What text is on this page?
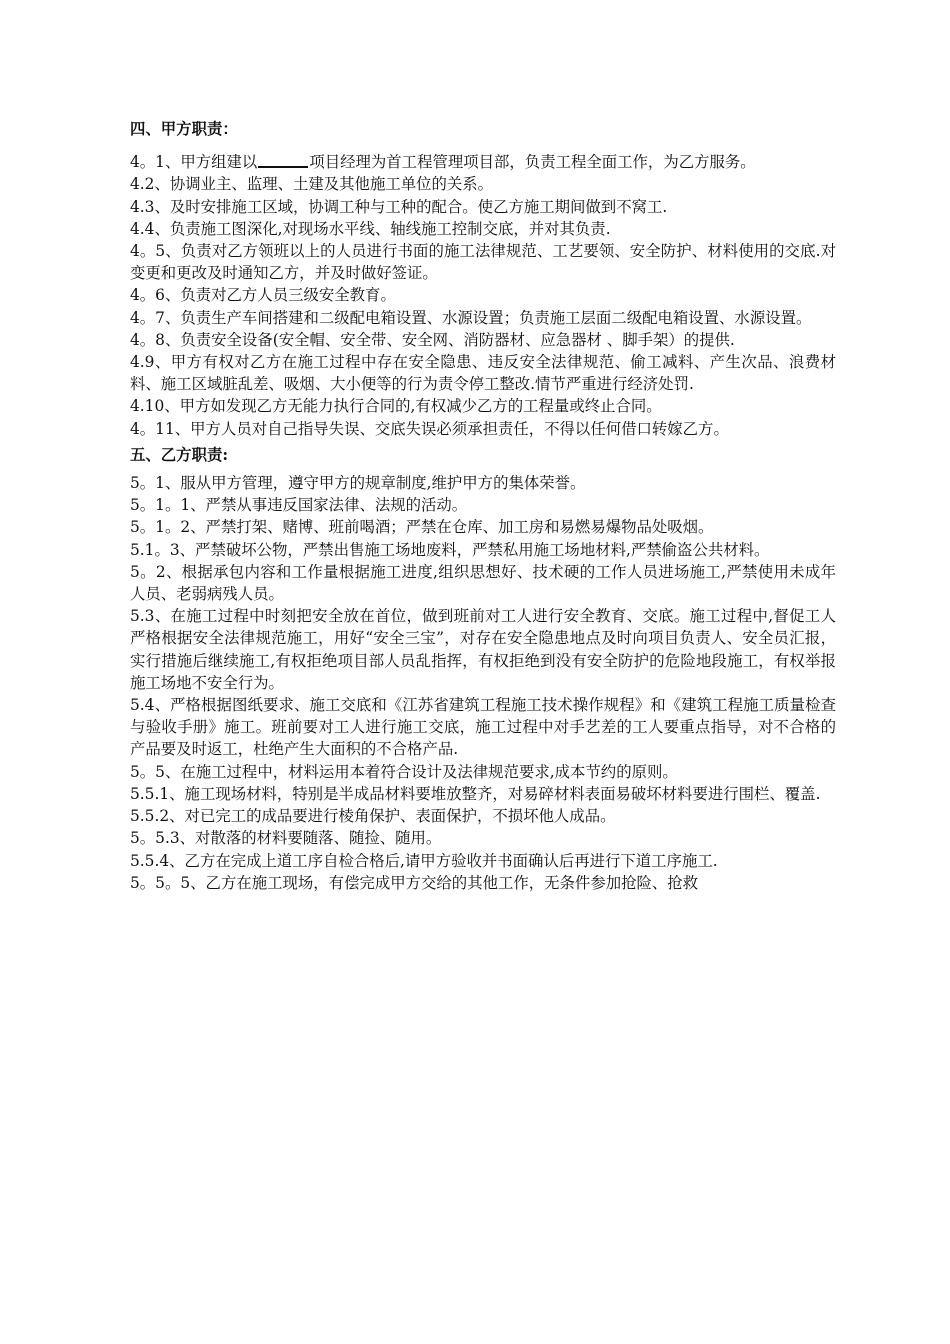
四、甲方职责：

4。1、甲方组建以	项目经理为首工程管理项目部，负责工程全面工作，为乙方服务。

4.2、协调业主、监理、土建及其他施工单位的关系。

4.3、及时安排施工区域，协调工种与工种的配合。使乙方施工期间做到不窝工.

4.4、负责施工图深化,对现场水平线、轴线施工控制交底，并对其负责.

4。5、负责对乙方领班以上的人员进行书面的施工法律规范、工艺要领、安全防护、材料使用的交底.对变更和更改及时通知乙方，并及时做好签证。

4。6、负责对乙方人员三级安全教育。

4。7、负责生产车间搭建和二级配电箱设置、水源设置；负责施工层面二级配电箱设置、水源设置。

4。8、负责安全设备(安全帽、安全带、安全网、消防器材、应急器材 、脚手架）的提供.

4.9、甲方有权对乙方在施工过程中存在安全隐患、违反安全法律规范、偷工减料、产生次品、浪费材料、施工区域脏乱差、吸烟、大小便等的行为责令停工整改.情节严重进行经济处罚.

4.10、甲方如发现乙方无能力执行合同的,有权减少乙方的工程量或终止合同。

4。11、甲方人员对自己指导失误、交底失误必须承担责任，不得以任何借口转嫁乙方。

五、乙方职责:

5。1、服从甲方管理，遵守甲方的规章制度,维护甲方的集体荣誉。

5。1。1、严禁从事违反国家法律、法规的活动。

5。1。2、严禁打架、赌博、班前喝酒；严禁在仓库、加工房和易燃易爆物品处吸烟。

5.1。3、严禁破坏公物，严禁出售施工场地废料，严禁私用施工场地材料,严禁偷盗公共材料。

5。2、根据承包内容和工作量根据施工进度,组织思想好、技术硬的工作人员进场施工,严禁使用未成年人员、老弱病残人员。

5.3、在施工过程中时刻把安全放在首位，做到班前对工人进行安全教育、交底。施工过程中,督促工人严格根据安全法律规范施工，用好“安全三宝”，对存在安全隐患地点及时向项目负责人、安全员汇报，实行措施后继续施工,有权拒绝项目部人员乱指挥，有权拒绝到没有安全防护的危险地段施工，有权举报施工场地不安全行为。

5.4、严格根据图纸要求、施工交底和《江苏省建筑工程施工技术操作规程》和《建筑工程施工质量检查与验收手册》施工。班前要对工人进行施工交底，施工过程中对手艺差的工人要重点指导，对不合格的产品要及时返工，杜绝产生大面积的不合格产品.

5。5、在施工过程中，材料运用本着符合设计及法律规范要求,成本节约的原则。

5.5.1、施工现场材料，特别是半成品材料要堆放整齐，对易碎材料表面易破坏材料要进行围栏、覆盖.

5.5.2、对已完工的成品要进行棱角保护、表面保护，不损坏他人成品。

5。5.3、对散落的材料要随落、随捡、随用。

5.5.4、乙方在完成上道工序自检合格后,请甲方验收并书面确认后再进行下道工序施工.

5。5。5、乙方在施工现场，有偿完成甲方交给的其他工作，无条件参加抢险、抢救
